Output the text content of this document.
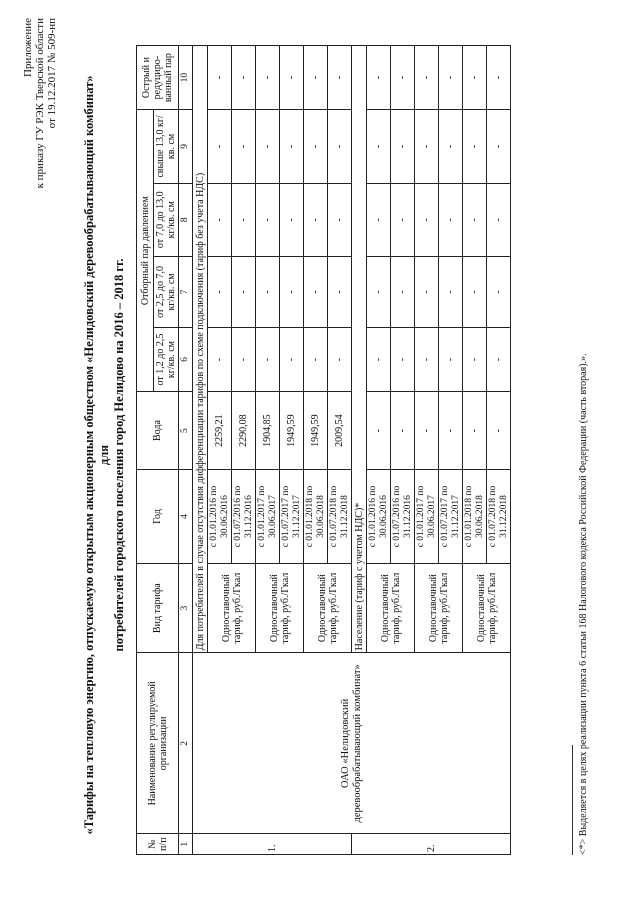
Приложение к приказу ГУ РЭК Тверской области от 19.12.2017 № 509-нп
«Тарифы на тепловую энергию, отпускаемую открытым акционерным обществом «Нелидовский деревообрабатывающий комбинат» для потребителей городского поселения город Нелидово на 2016 – 2018 гг.
№ п/п	Наименование регулируемой организации	Вид тарифа	Год	Вода	Отборный пар давлением				Острый и редуциро-ванный пар
					от 1,2 до 2,5 кг/кв. см	от 2,5 до 7,0 кг/кв. см	от 7,0 до 13,0 кг/кв. см	свыше 13,0 кг/кв. см	
1	2	3	4	5	6	7	8	9	10
1.	ОАО «Нелидовский деревообрабатывающий комбинат»	Для потребителей в случае отсутствия дифференциации тарифов по схеме подключения (тариф без учета НДС)							
		Одноставочный тариф, руб./Гкал	с 01.01.2016 по 30.06.2016	2259,21	-	-	-	-	-
			с 01.07.2016 по 31.12.2016	2290,08	-	-	-	-	-
		Одноставочный тариф, руб./Гкал	с 01.01.2017 по 30.06.2017	1904,85	-	-	-	-	-
			с 01.07.2017 по 31.12.2017	1949,59	-	-	-	-	-
		Одноставочный тариф, руб./Гкал	с 01.01.2018 по 30.06.2018	1949,59	-	-	-	-	-
			с 01.07.2018 по 31.12.2018	2009,54	-	-	-	-	-
2.		Население (тариф с учетом НДС)*							
		Одноставочный тариф, руб./Гкал	с 01.01.2016 по 30.06.2016	-	-	-	-	-	-
			с 01.07.2016 по 31.12.2016	-	-	-	-	-	-
		Одноставочный тариф, руб./Гкал	с 01.01.2017 по 30.06.2017	-	-	-	-	-	-
			с 01.07.2017 по 31.12.2017	-	-	-	-	-	-
		Одноставочный тариф, руб./Гкал	с 01.01.2018 по 30.06.2018	-	-	-	-	-	-
			с 01.07.2018 по 31.12.2018	-	-	-	-	-	-
<*> Выделяется в целях реализации пункта 6 статьи 168 Налогового кодекса Российской Федерации (часть вторая).».
